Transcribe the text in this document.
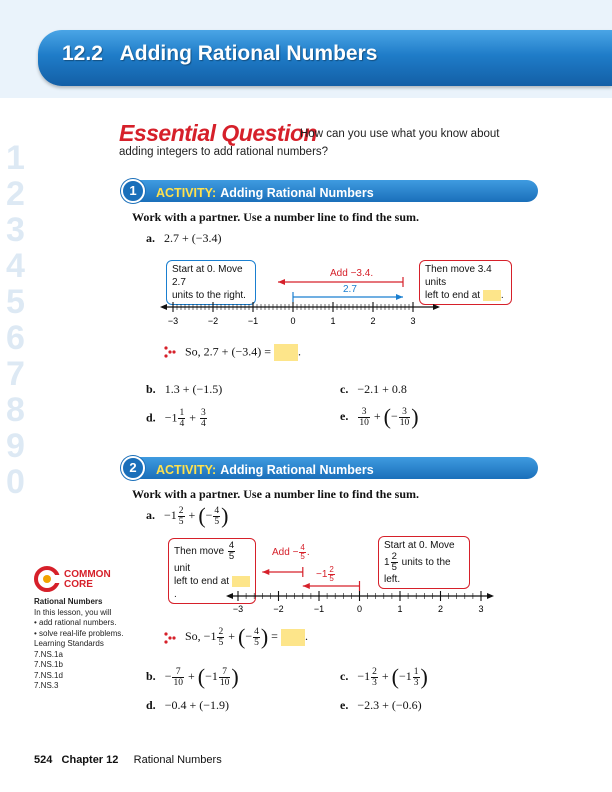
12.2 Adding Rational Numbers
1
2
3
4
5
6
7
8
9
0
Essential Question
How can you use what you know about
adding integers to add rational numbers?
1	ACTIVITY: Adding Rational Numbers
Work with a partner. Use a number line to find the sum.
a. 2.7 + (−3.4)
Start at 0. Move 2.7
units to the right.
Then move 3.4 units
left to end at .
Add −3.4.
2.7
−3	−2	−1	0	1	2	3
So, 2.7 + (−3.4) = .
b. 1.3 + (−1.5)	c. −2.1 + 0.8
d. $-1 \frac{1}{4} + \frac{3}{4}$	e. $\frac{3}{10}$ + (− $\frac{3}{10}$ )
2	ACTIVITY: Adding Rational Numbers
Work with a partner. Use a number line to find the sum.
a. $-1 \frac{2}{5}$ + (− $\frac{4}{5}$ )
Then move $\frac{4}{5}$
unit
left to end at .
Start at 0. Move
$1 \frac{2}{5}$ units to the left.
−3	−2	−1	0	1	2	3
Add − $\frac{4}{5}$ .
$-1 \frac{2}{5}$
So, $-1 \frac{2}{5}$ + (− $\frac{4}{5}$ ) = .
b. − $\frac{7}{10} + (-1 \frac{7}{10}$ )	c. $-1 \frac{2}{3} + (-1 \frac{1}{3}$ )
d. −0.4 + (−1.9)	e. −2.3 + (−0.6)
COMMON
CORE
Rational Numbers
In this lesson, you will
• add rational numbers.
• solve real-life problems.
Learning Standards
7.NS.1a
7.NS.1b
7.NS.1d
7.NS.3
524 Chapter 12 Rational Numbers
